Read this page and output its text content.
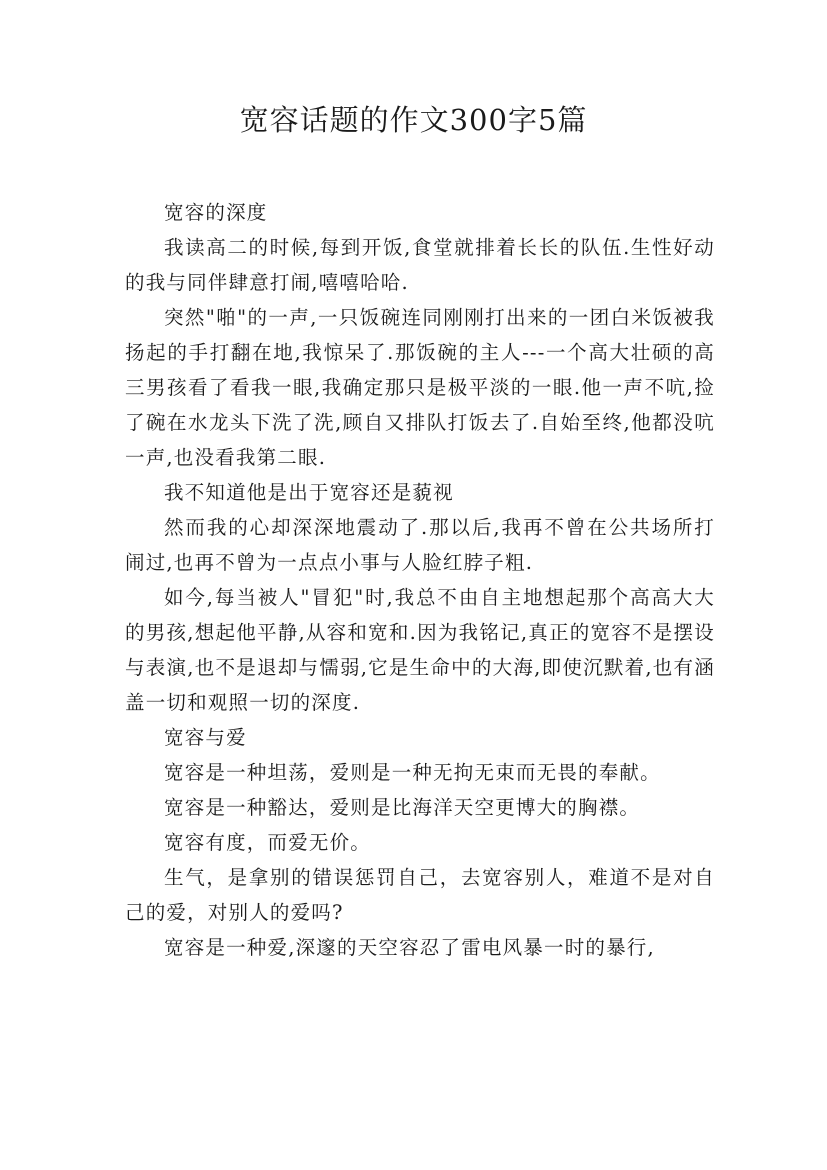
宽容话题的作文300字5篇

宽容的深度

我读高二的时候,每到开饭,食堂就排着长长的队伍.生性好动的我与同伴肆意打闹,嘻嘻哈哈.

突然"啪"的一声,一只饭碗连同刚刚打出来的一团白米饭被我扬起的手打翻在地,我惊呆了.那饭碗的主人---一个高大壮硕的高三男孩看了看我一眼,我确定那只是极平淡的一眼.他一声不吭,捡了碗在水龙头下洗了洗,顾自又排队打饭去了.自始至终,他都没吭一声,也没看我第二眼.

我不知道他是出于宽容还是藐视

然而我的心却深深地震动了.那以后,我再不曾在公共场所打闹过,也再不曾为一点点小事与人脸红脖子粗.

如今,每当被人"冒犯"时,我总不由自主地想起那个高高大大的男孩,想起他平静,从容和宽和.因为我铭记,真正的宽容不是摆设与表演,也不是退却与懦弱,它是生命中的大海,即使沉默着,也有涵盖一切和观照一切的深度.

宽容与爱

宽容是一种坦荡，爱则是一种无拘无束而无畏的奉献。

宽容是一种豁达，爱则是比海洋天空更博大的胸襟。

宽容有度，而爱无价。

生气，是拿别的错误惩罚自己，去宽容别人，难道不是对自己的爱，对别人的爱吗?

宽容是一种爱,深邃的天空容忍了雷电风暴一时的暴行,
